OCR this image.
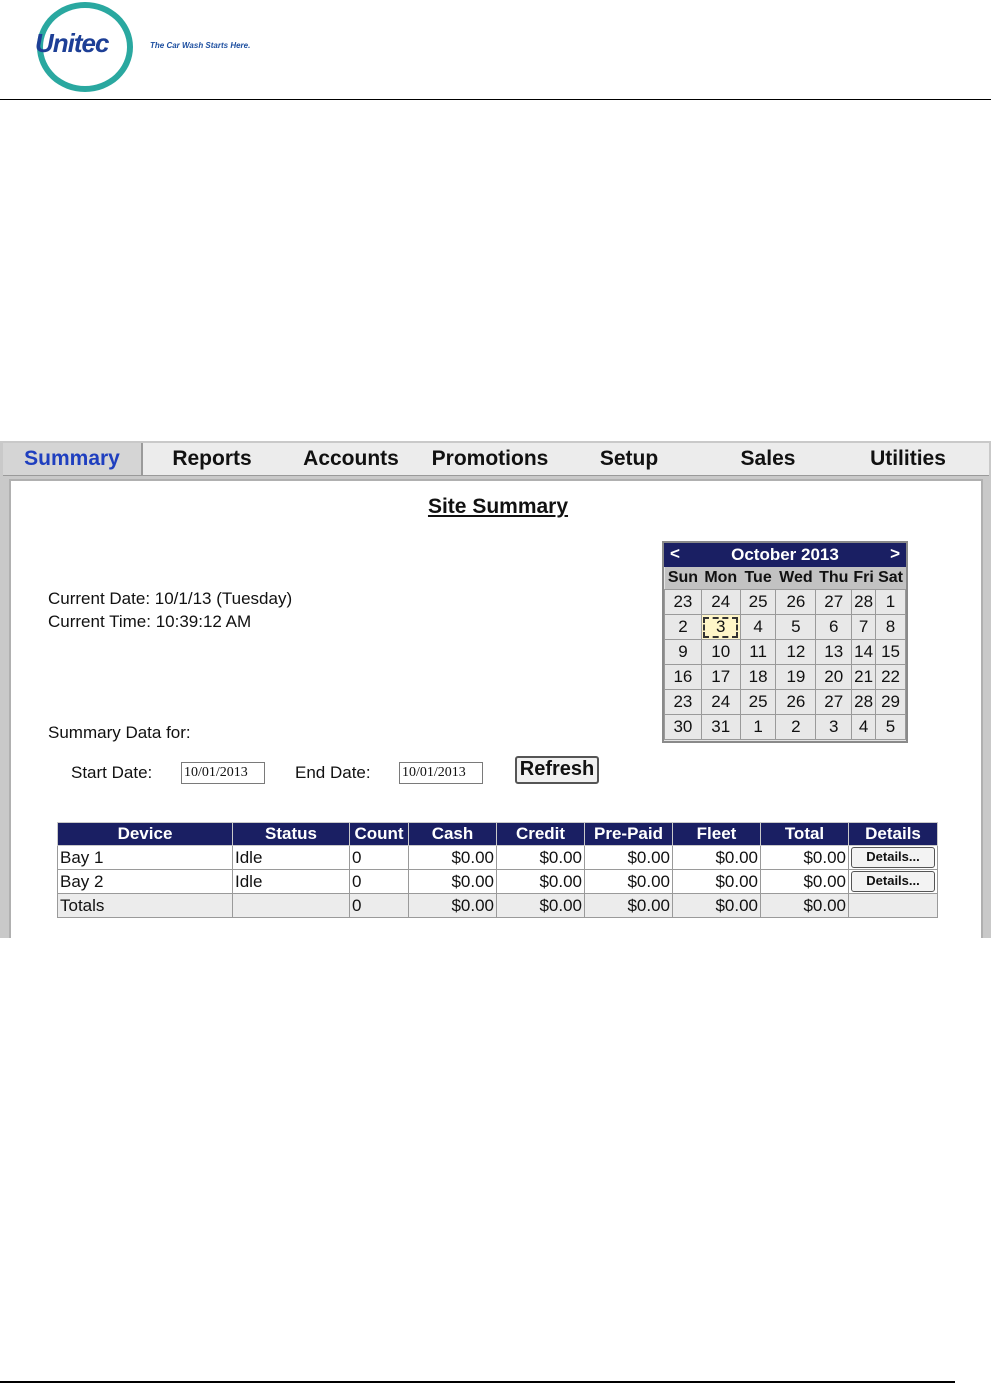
Unitec	The Car Wash Starts Here.
Summary	Reports	Accounts	Promotions	Setup	Sales	Utilities
Site Summary
Current Date: 10/1/13 (Tuesday)
Current Time: 10:39:12 AM
Summary Data for:
October 2013
<	>
Sun	Mon	Tue	Wed	Thu	Fri	Sat
23	24	25	26	27	28	1
2	3	4	5	6	7	8
9	10	11	12	13	14	15
16	17	18	19	20	21	22
23	24	25	26	27	28	29
30	31	1	2	3	4	5
Start Date: 10/01/2013	End Date: 10/01/2013	Refresh
Device	Status	Count	Cash	Credit	Pre-Paid	Fleet	Total	Details
Bay 1	Idle	0	$0.00	$0.00	$0.00	$0.00	$0.00	Details...

Bay 2	Idle	0	$0.00	$0.00	$0.00	$0.00	$0.00	Details...

Totals		0	$0.00	$0.00	$0.00	$0.00	$0.00	
